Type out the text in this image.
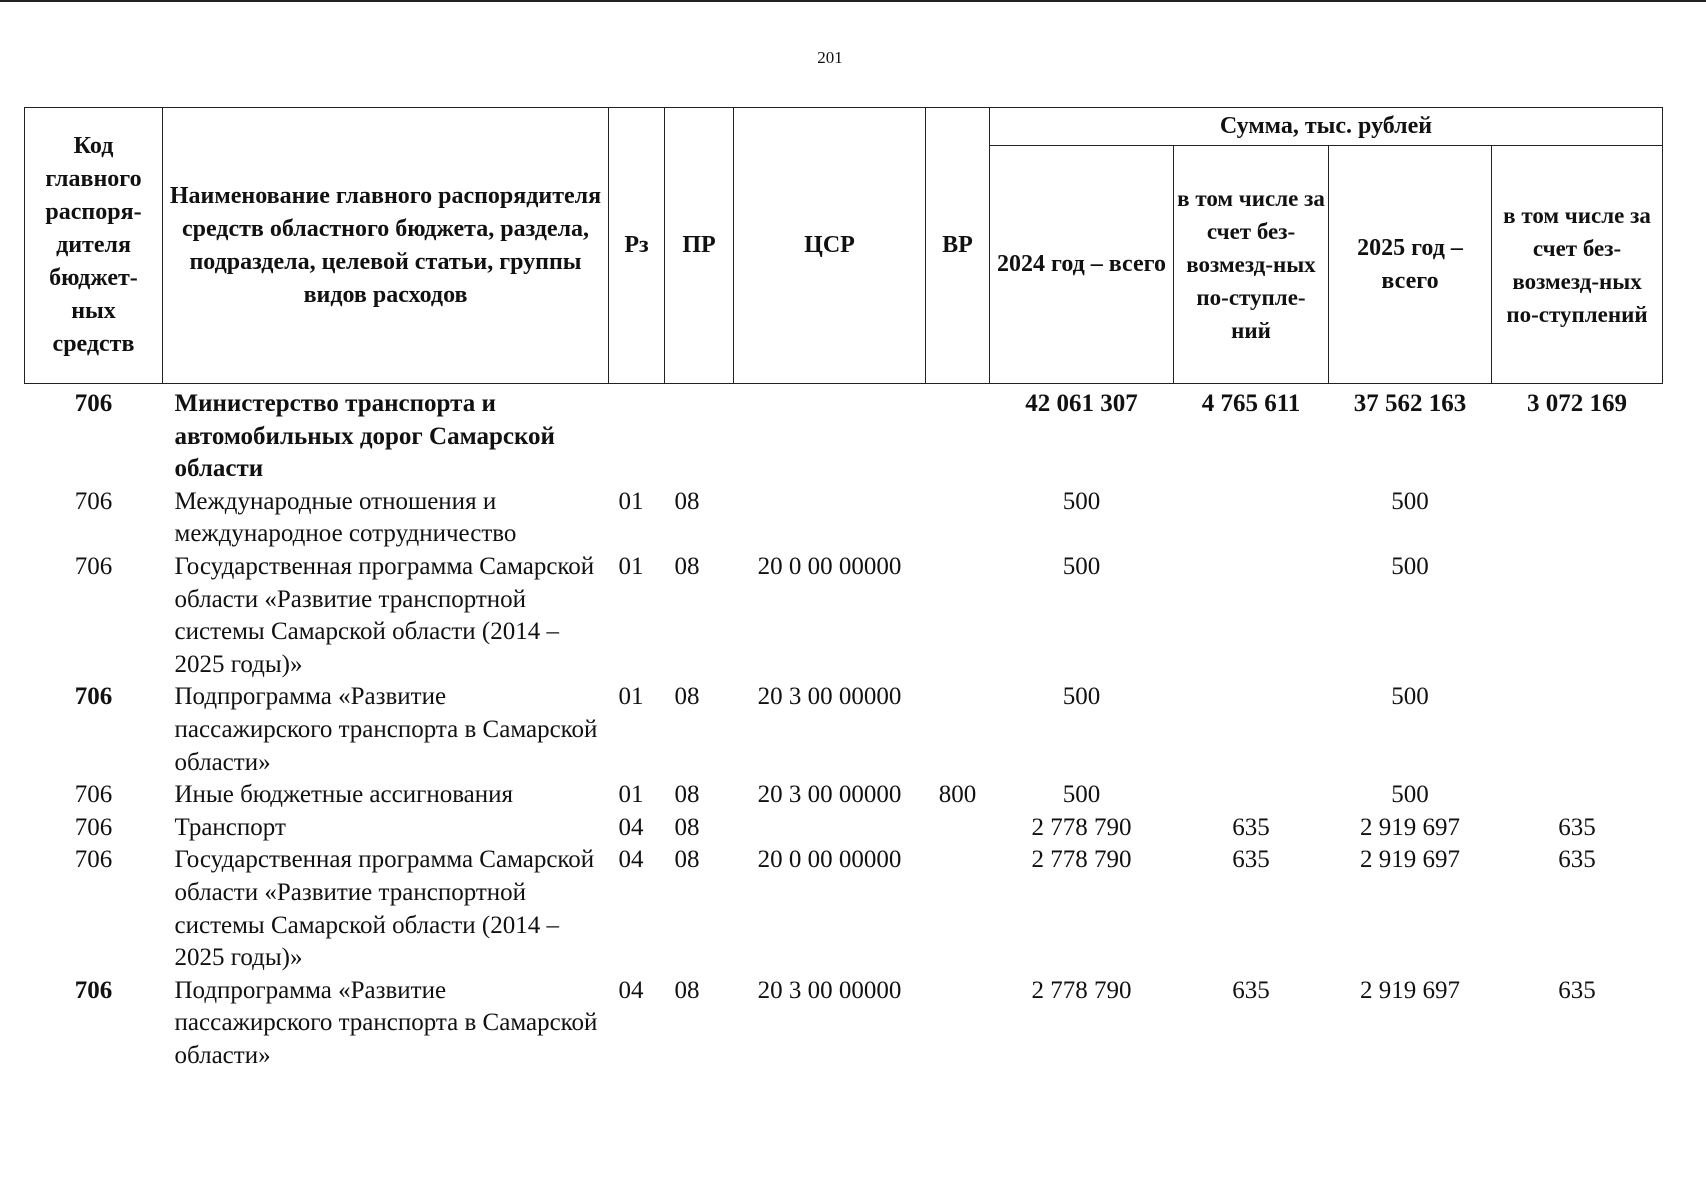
201
Код главного распоря-дителя бюджет-ных средств	Наименование главного распорядителя средств областного бюджета, раздела, подраздела, целевой статьи, группы видов расходов	Рз	ПР	ЦСР	ВР	Сумма, тыс. рублей			
						2024 год – всего	в том числе за счет без-возмезд-ных по-ступле-ний	2025 год – всего	в том числе за счет без-возмезд-ных по-ступлений
706	Министерство транспорта и автомобильных дорог Самарской области					42 061 307	4 765 611	37 562 163	3 072 169
706	Международные отношения и международное сотрудничество	01	08			500		500	
706	Государственная программа Самарской области «Развитие транспортной системы Самарской области (2014 – 2025 годы)»	01	08	20 0 00 00000		500		500	
706	Подпрограмма «Развитие пассажирского транспорта в Самарской области»	01	08	20 3 00 00000		500		500	
706	Иные бюджетные ассигнования	01	08	20 3 00 00000	800	500		500	
706	Транспорт	04	08			2 778 790	635	2 919 697	635
706	Государственная программа Самарской области «Развитие транспортной системы Самарской области (2014 – 2025 годы)»	04	08	20 0 00 00000		2 778 790	635	2 919 697	635
706	Подпрограмма «Развитие пассажирского транспорта в Самарской области»	04	08	20 3 00 00000		2 778 790	635	2 919 697	635
